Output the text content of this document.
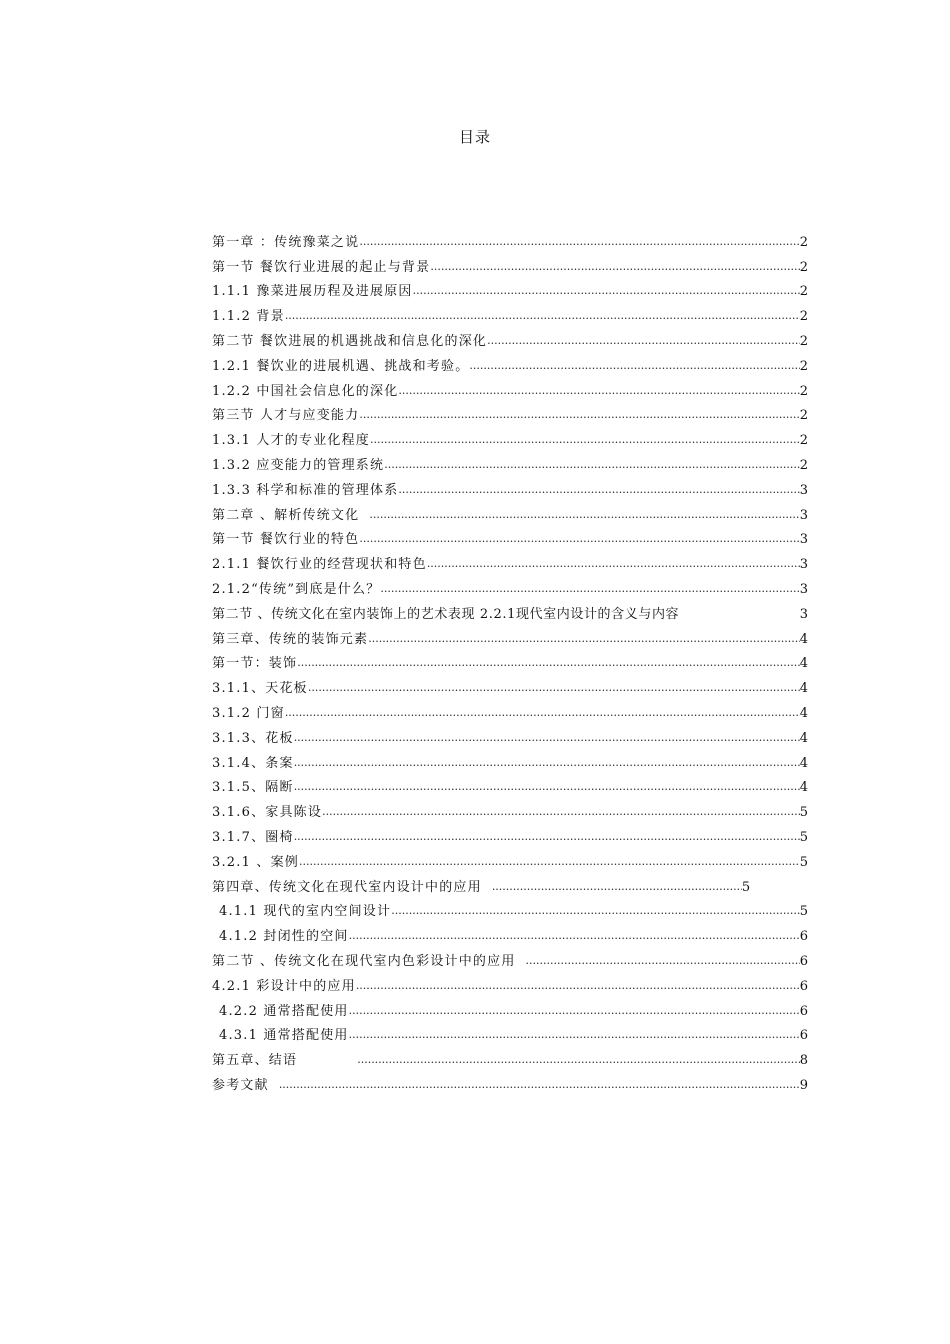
目录
第一章 ：传统豫菜之说 .....	2
第一节 餐饮行业进展的起止与背景 .....	2
1.1.1 豫菜进展历程及进展原因 .....	2
1.1.2 背景 .....	2
第二节 餐饮进展的机遇挑战和信息化的深化 .....	2
1.2.1 餐饮业的进展机遇、挑战和考验。 .....	2
1.2.2 中国社会信息化的深化 .....	2
第三节 人才与应变能力 .....	2
1.3.1 人才的专业化程度 .....	2
1.3.2 应变能力的管理系统 .....	2
1.3.3 科学和标准的管理体系 .....	3
第二章 、解析传统文化 .....	3
第一节 餐饮行业的特色 .....	3
2.1.1 餐饮行业的经营现状和特色 .....	3
2.1.2“传统”到底是什么？ .....	3
第二节 、传统文化在室内装饰上的艺术表现 2.2.1现代室内设计的含义与内容	3
第三章、传统的装饰元素 .....	4
第一节：装饰 .....	4
3.1.1、天花板 .....	4
3.1.2 门窗 .....	4
3.1.3、花板 .....	4
3.1.4、条案 .....	4
3.1.5、隔断 .....	4
3.1.6、家具陈设 .....	5
3.1.7、圈椅 .....	5
3.2.1 、案例 .....	5
第四章、传统文化在现代室内设计中的应用 .....	5
4.1.1 现代的室内空间设计 .....	5
4.1.2 封闭性的空间 .....	6
第二节 、传统文化在现代室内色彩设计中的应用 .....	6
4.2.1 彩设计中的应用 .....	6
4.2.2 通常搭配使用 .....	6
4.3.1 通常搭配使用 .....	6
第五章、结语 .....	8
参考文献 .....	9
